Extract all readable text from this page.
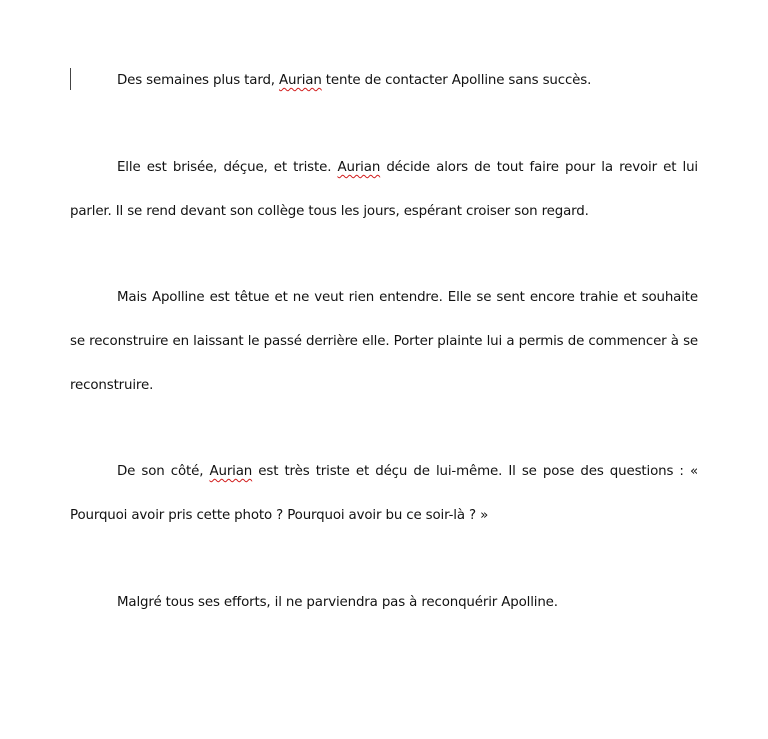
Des semaines plus tard, Aurian tente de contacter Apolline sans succès.

Elle est brisée, déçue, et triste. Aurian décide alors de tout faire pour la revoir et lui parler. Il se rend devant son collège tous les jours, espérant croiser son regard.

Mais Apolline est têtue et ne veut rien entendre. Elle se sent encore trahie et souhaite se reconstruire en laissant le passé derrière elle. Porter plainte lui a permis de commencer à se reconstruire.

De son côté, Aurian est très triste et déçu de lui-même. Il se pose des questions : « Pourquoi avoir pris cette photo ? Pourquoi avoir bu ce soir-là ? »

Malgré tous ses efforts, il ne parviendra pas à reconquérir Apolline.
